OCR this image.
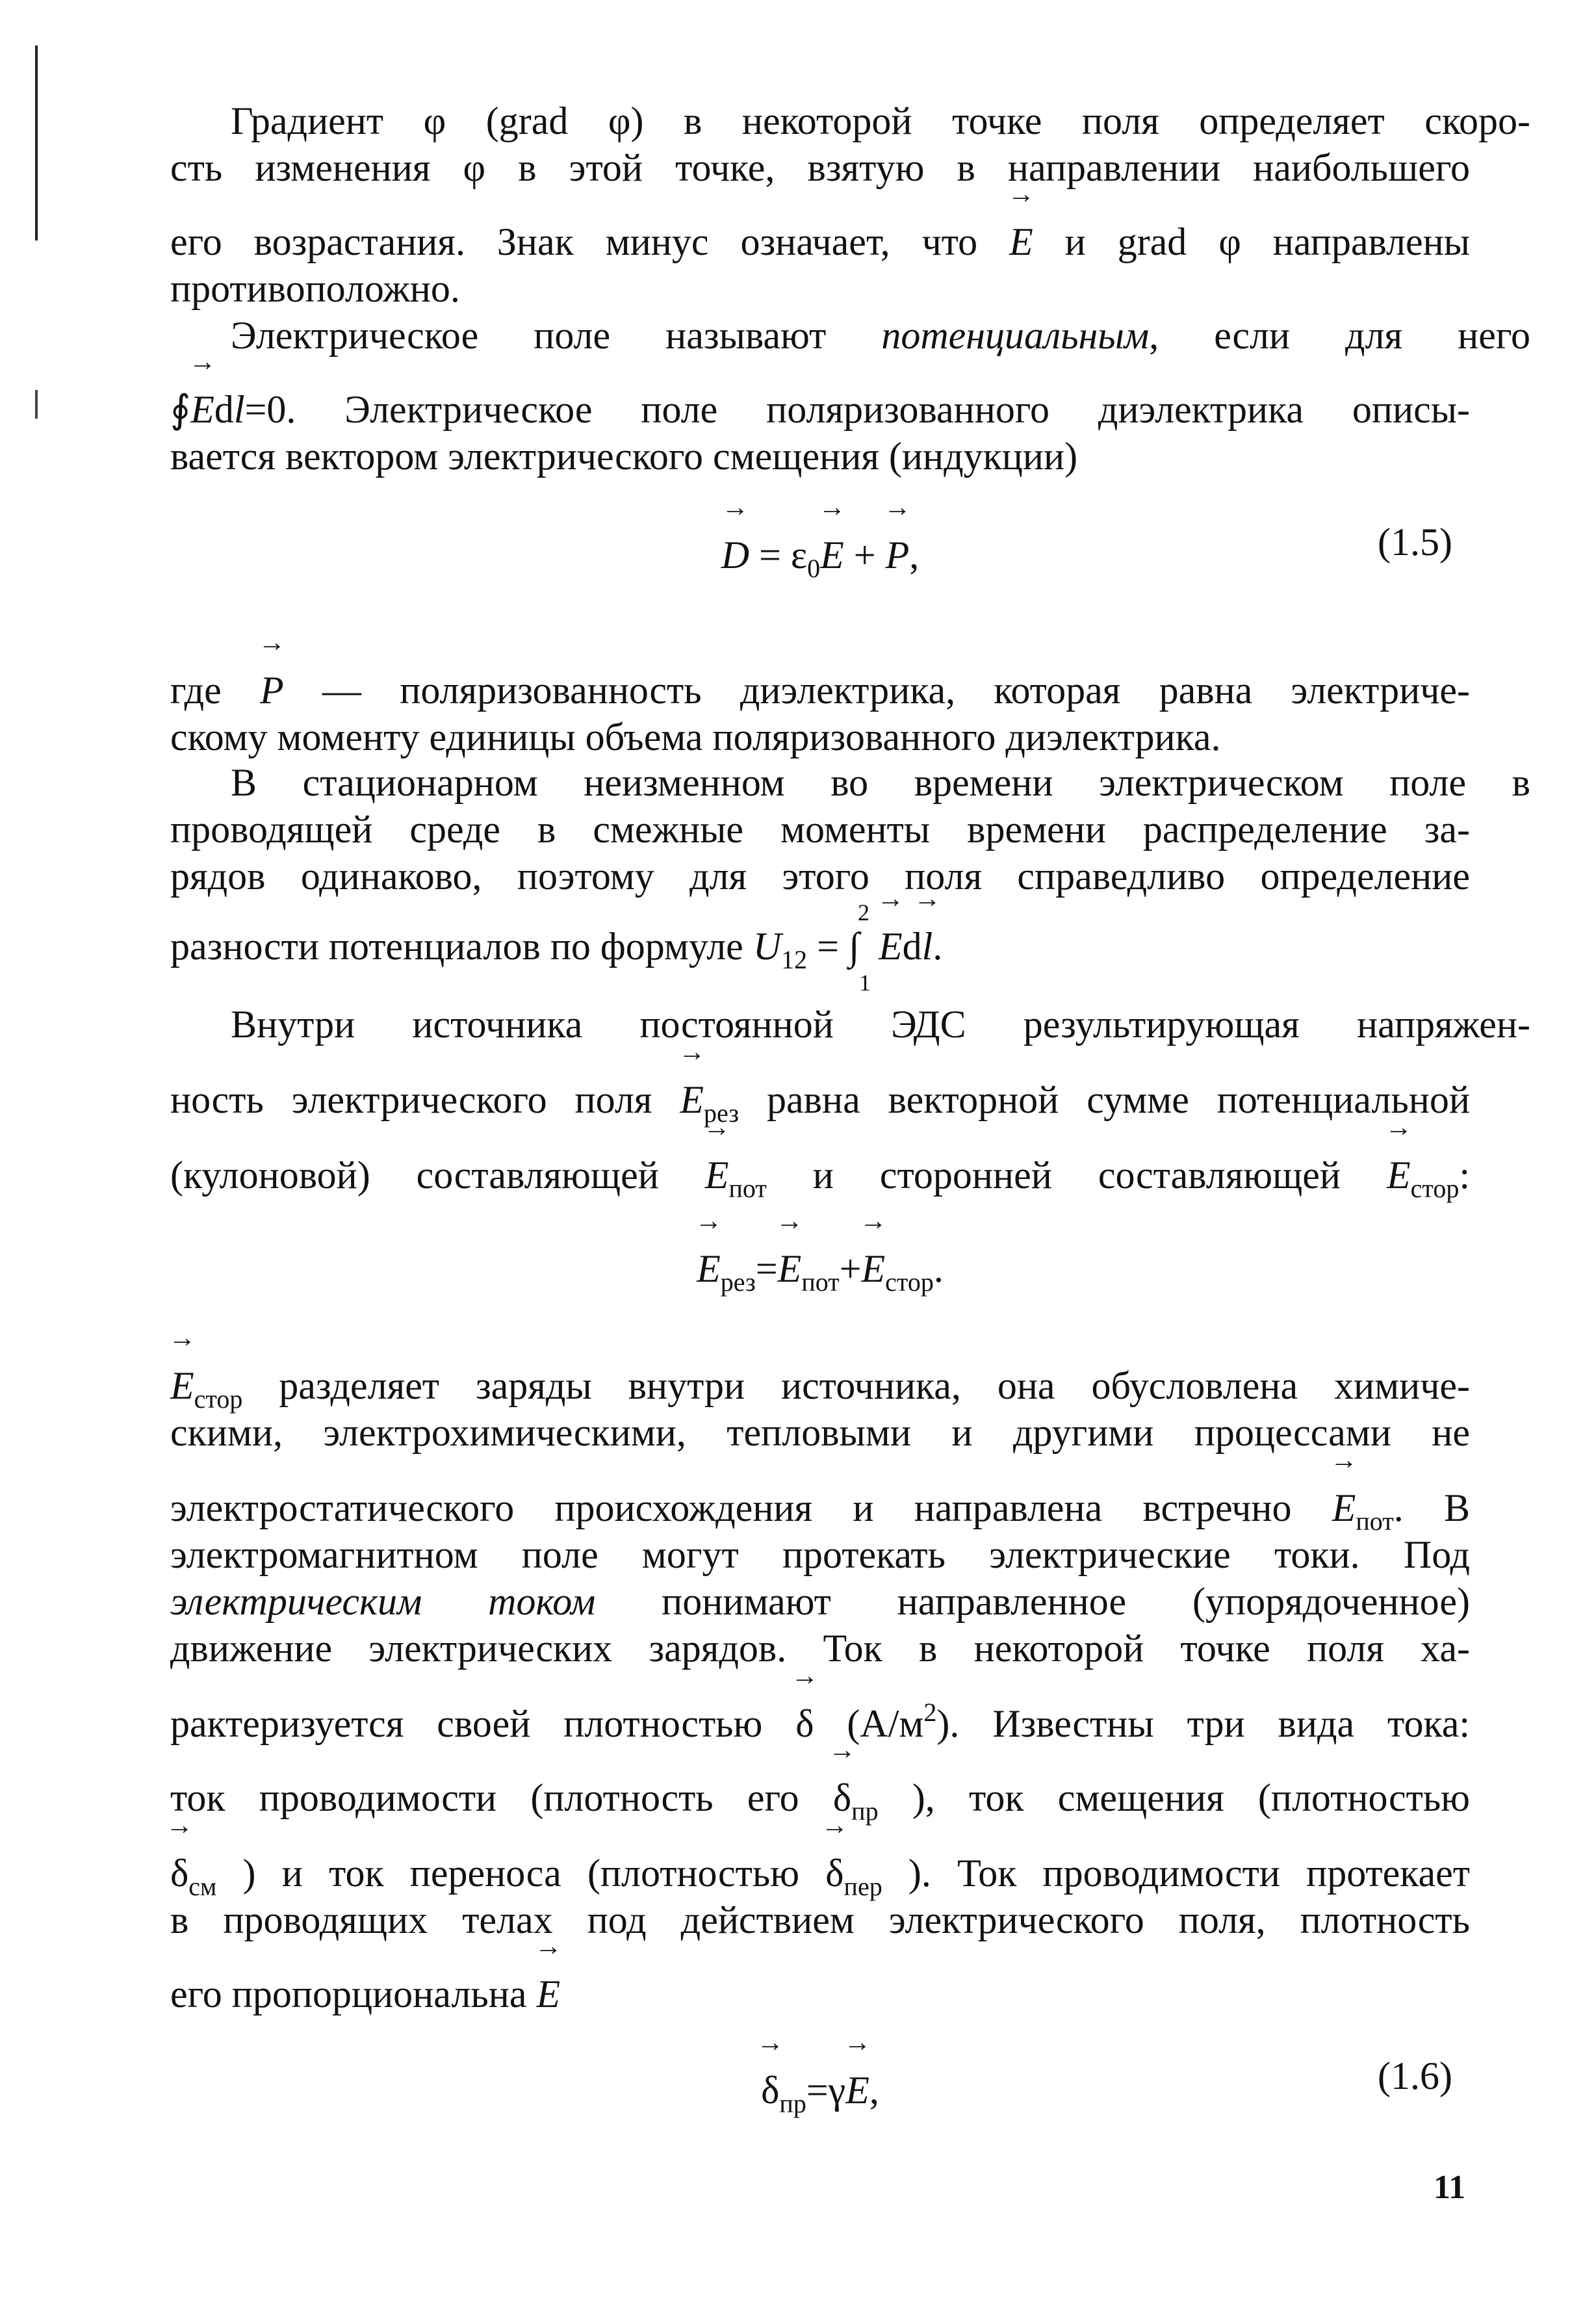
Градиент φ (grad φ) в некоторой точке поля определяет скоро-
сть изменения φ в этой точке, взятую в направлении наибольшего
его возрастания. Знак минус означает, что → E и grad φ направлены
противоположно.
Электрическое поле называют потенциальным, если для него
∮→ Edl=0. Электрическое поле поляризованного диэлектрика описы-
вается вектором электрического смещения (индукции)
→ $D = \varepsilon_0\to E$ + → P,	(1.5)
где → P — поляризованность диэлектрика, которая равна электриче-
скому моменту единицы объема поляризованного диэлектрика.
В стационарном неизменном во времени электрическом поле в
проводящей среде в смежные моменты времени распределение за-
рядов одинаково, поэтому для этого поля справедливо определение
разности потенциалов по формуле $U_{12}$ = ∫
2
1
→ Ed→ l.
Внутри источника постоянной ЭДС результирующая напряжен-
ность электрического поля → $E_{рез}$ равна векторной сумме потенциальной
(кулоновой) составляющей → $E_{пот}$ и сторонней составляющей → $E_{стор}$:
→ $E_{рез}=\to E_{пот}+\to E_{стор}$.
→ $E_{стор}$ разделяет заряды внутри источника, она обусловлена химиче-
скими, электрохимическими, тепловыми и другими процессами не
электростатического происхождения и направлена встречно → $E_{пот}$. В
электромагнитном поле могут протекать электрические токи. Под
электрическим током понимают направленное (упорядоченное)
движение электрических зарядов. Ток в некоторой точке поля ха-
рактеризуется своей плотностью → δ $(А/м^2)$. Известны три вида тока:
ток проводимости (плотность его → $\delta_{пр}$ ), ток смещения (плотностью
→ $\delta_{см}$ ) и ток переноса (плотностью → $\delta_{пер}$ ). Ток проводимости протекает
в проводящих телах под действием электрического поля, плотность
его пропорциональна → E
→ $\delta_{пр}=\gamma\to E$,	(1.6)
11
